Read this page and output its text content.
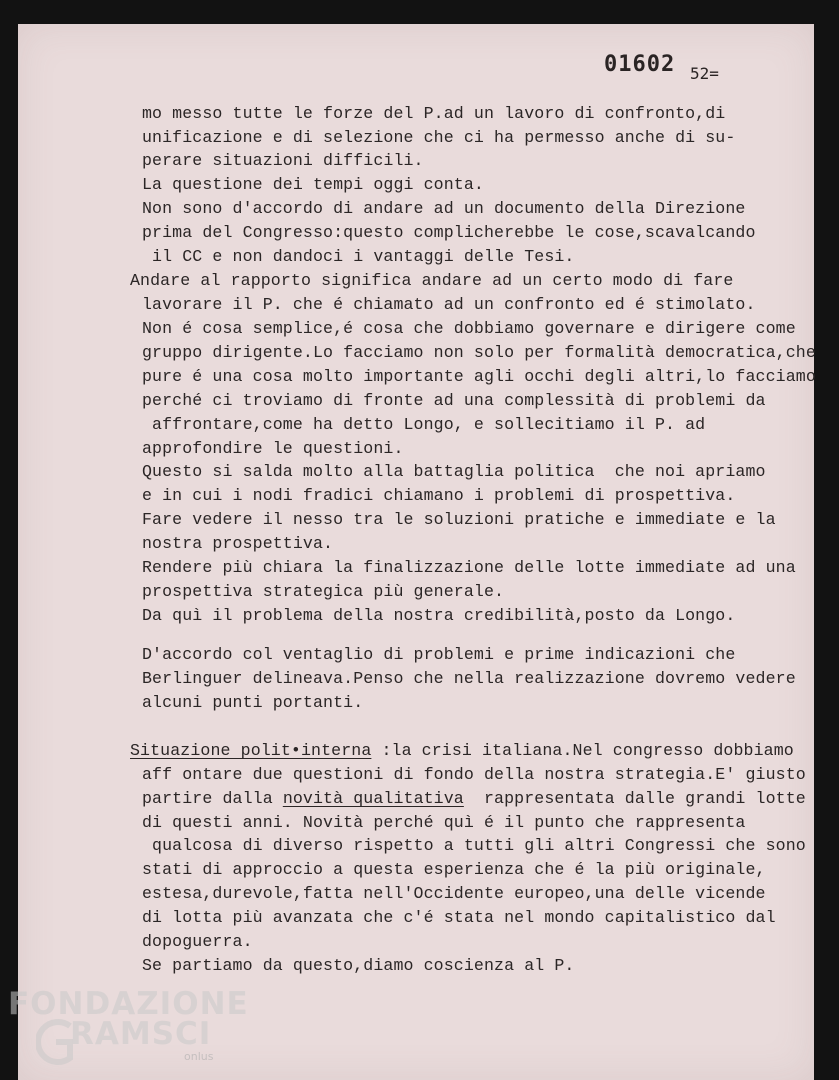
01602 52=
mo messo tutte le forze del P.ad un lavoro di confronto,di
unificazione e di selezione che ci ha permesso anche di su-
perare situazioni difficili.
La questione dei tempi oggi conta.
Non sono d'accordo di andare ad un documento della Direzione
prima del Congresso:questo complicherebbe le cose,scavalcando
il CC e non dandoci i vantaggi delle Tesi.
Andare al rapporto significa andare ad un certo modo di fare
lavorare il P. che é chiamato ad un confronto ed é stimolato.
Non é cosa semplice,é cosa che dobbiamo governare e dirigere come
gruppo dirigente.Lo facciamo non solo per formalità democratica,che
pure é una cosa molto importante agli occhi degli altri,lo facciamo
perché ci troviamo di fronte ad una complessità di problemi da
affrontare,come ha detto Longo, e sollecitiamo il P. ad
approfondire le questioni.
Questo si salda molto alla battaglia politica  che noi apriamo
e in cui i nodi fradici chiamano i problemi di prospettiva.
Fare vedere il nesso tra le soluzioni pratiche e immediate e la
nostra prospettiva.
Rendere più chiara la finalizzazione delle lotte immediate ad una
prospettiva strategica più generale.
Da quì il problema della nostra credibilità,posto da Longo.
D'accordo col ventaglio di problemi e prime indicazioni che
Berlinguer delineava.Penso che nella realizzazione dovremo vedere
alcuni punti portanti.
Situazione polit•interna :la crisi italiana.Nel congresso dobbiamo
aff ontare due questioni di fondo della nostra strategia.E' giusto
partire dalla novità qualitativa  rappresentata dalle grandi lotte
di questi anni. Novità perché quì é il punto che rappresenta
qualcosa di diverso rispetto a tutti gli altri Congressi che sono
stati di approccio a questa esperienza che é la più originale,
estesa,durevole,fatta nell'Occidente europeo,una delle vicende
di lotta più avanzata che c'é stata nel mondo capitalistico dal
dopoguerra.
Se partiamo da questo,diamo coscienza al P.
FONDAZIONE
RAMSCI
onlus
